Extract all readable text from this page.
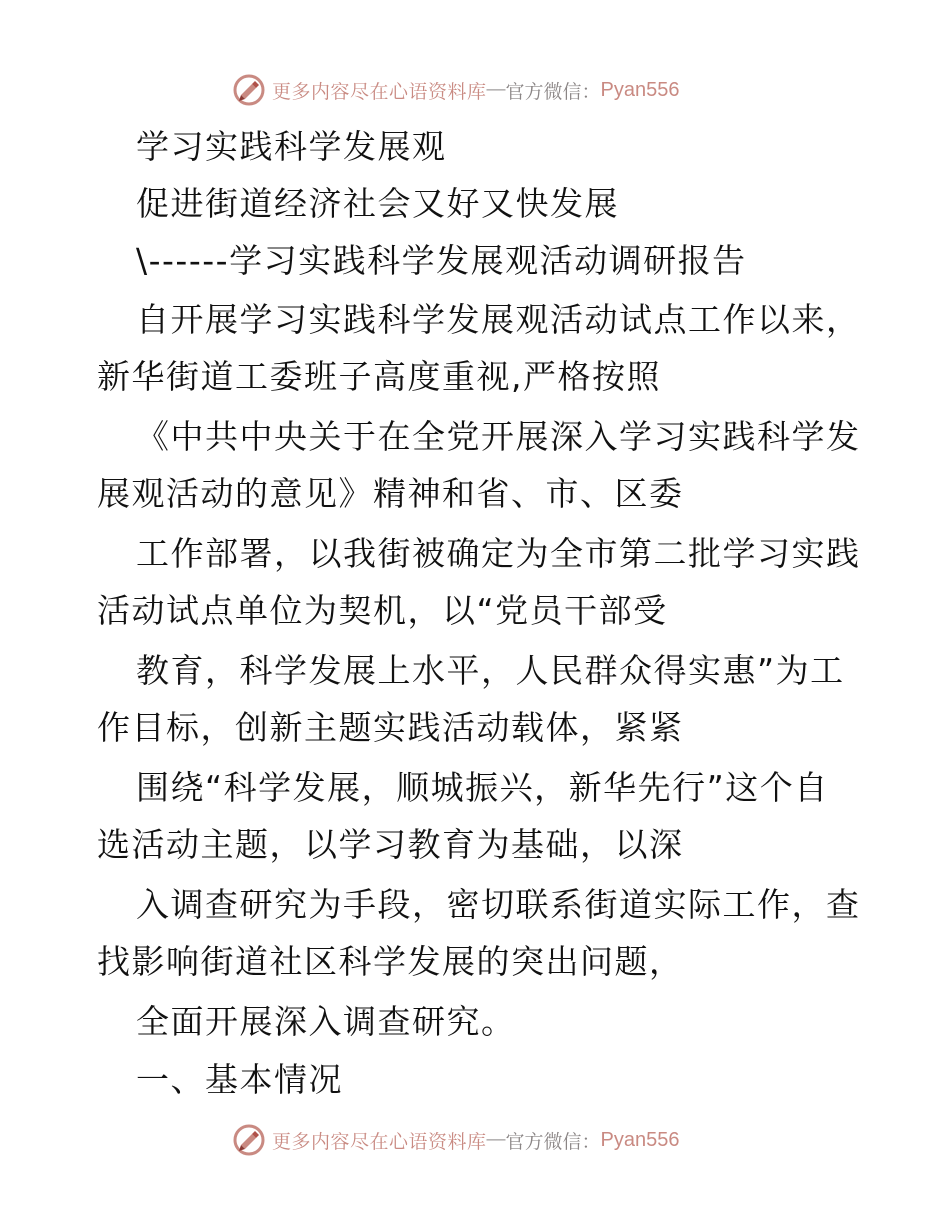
更多内容尽在心语资料库 — 官方微信： Pyan556
学习实践科学发展观
促进街道经济社会又好又快发展
\------学习实践科学发展观活动调研报告
自开展学习实践科学发展观活动试点工作以来，
新华街道工委班子高度重视,严格按照
《中共中央关于在全党开展深入学习实践科学发
展观活动的意见》精神和省、市、区委
工作部署，以我街被确定为全市第二批学习实践
活动试点单位为契机，以“党员干部受
教育，科学发展上水平，人民群众得实惠”为工
作目标，创新主题实践活动载体，紧紧
围绕“科学发展，顺城振兴，新华先行”这个自
选活动主题，以学习教育为基础，以深
入调查研究为手段，密切联系街道实际工作，查
找影响街道社区科学发展的突出问题，
全面开展深入调查研究。
一、基本情况
更多内容尽在心语资料库 — 官方微信： Pyan556
